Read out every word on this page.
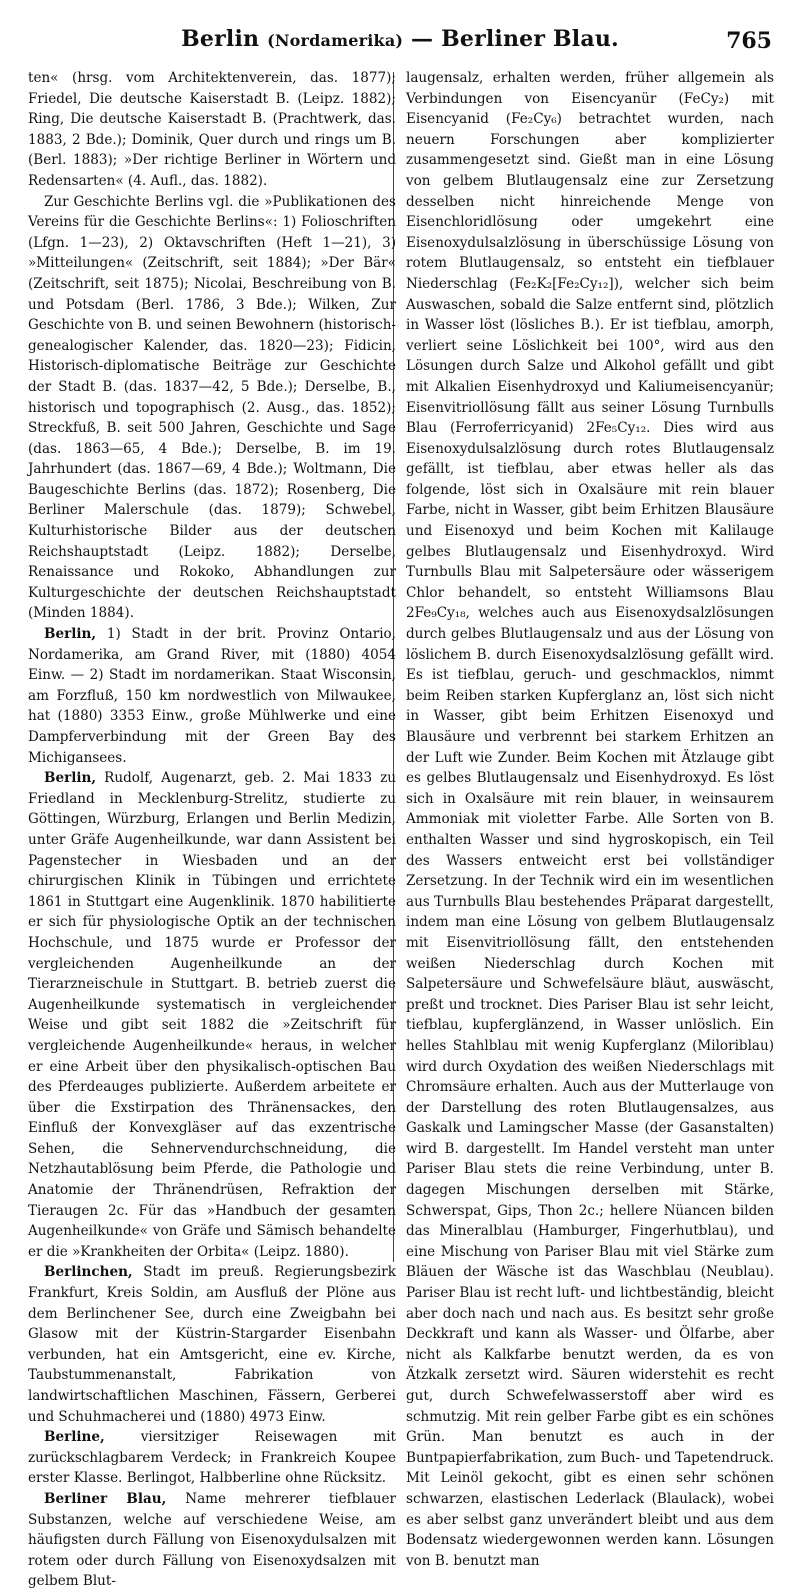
Berlin (Nordamerika) — Berliner Blau.	765

ten« (hrsg. vom Architektenverein, das. 1877); Friedel, Die deutsche Kaiserstadt B. (Leipz. 1882); Ring, Die deutsche Kaiserstadt B. (Prachtwerk, das. 1883, 2 Bde.); Dominik, Quer durch und rings um B. (Berl. 1883); »Der richtige Berliner in Wörtern und Redensarten« (4. Aufl., das. 1882).

Zur Geschichte Berlins vgl. die »Publikationen des Vereins für die Geschichte Berlins«: 1) Folioschriften (Lfgn. 1—23), 2) Oktavschriften (Heft 1—21), 3) »Mitteilungen« (Zeitschrift, seit 1884); »Der Bär« (Zeitschrift, seit 1875); Nicolai, Beschreibung von B. und Potsdam (Berl. 1786, 3 Bde.); Wilken, Zur Geschichte von B. und seinen Bewohnern (historisch-genealogischer Kalender, das. 1820—23); Fidicin, Historisch-diplomatische Beiträge zur Geschichte der Stadt B. (das. 1837—42, 5 Bde.); Derselbe, B., historisch und topographisch (2. Ausg., das. 1852); Streckfuß, B. seit 500 Jahren, Geschichte und Sage (das. 1863—65, 4 Bde.); Derselbe, B. im 19. Jahrhundert (das. 1867—69, 4 Bde.); Woltmann, Die Baugeschichte Berlins (das. 1872); Rosenberg, Die Berliner Malerschule (das. 1879); Schwebel, Kulturhistorische Bilder aus der deutschen Reichshauptstadt (Leipz. 1882); Derselbe, Renaissance und Rokoko, Abhandlungen zur Kulturgeschichte der deutschen Reichshauptstadt (Minden 1884).

Berlin, 1) Stadt in der brit. Provinz Ontario, Nordamerika, am Grand River, mit (1880) 4054 Einw. — 2) Stadt im nordamerikan. Staat Wisconsin, am Forzfluß, 150 km nordwestlich von Milwaukee, hat (1880) 3353 Einw., große Mühlwerke und eine Dampferverbindung mit der Green Bay des Michigansees.

Berlin, Rudolf, Augenarzt, geb. 2. Mai 1833 zu Friedland in Mecklenburg-Strelitz, studierte zu Göttingen, Würzburg, Erlangen und Berlin Medizin, unter Gräfe Augenheilkunde, war dann Assistent bei Pagenstecher in Wiesbaden und an der chirurgischen Klinik in Tübingen und errichtete 1861 in Stuttgart eine Augenklinik. 1870 habilitierte er sich für physiologische Optik an der technischen Hochschule, und 1875 wurde er Professor der vergleichenden Augenheilkunde an der Tierarzneischule in Stuttgart. B. betrieb zuerst die Augenheilkunde systematisch in vergleichender Weise und gibt seit 1882 die »Zeitschrift für vergleichende Augenheilkunde« heraus, in welcher er eine Arbeit über den physikalisch-optischen Bau des Pferdeauges publizierte. Außerdem arbeitete er über die Exstirpation des Thränensackes, den Einfluß der Konvexgläser auf das exzentrische Sehen, die Sehnervendurchschneidung, die Netzhautablösung beim Pferde, die Pathologie und Anatomie der Thränendrüsen, Refraktion der Tieraugen 2c. Für das »Handbuch der gesamten Augenheilkunde« von Gräfe und Sämisch behandelte er die »Krankheiten der Orbita« (Leipz. 1880).

Berlinchen, Stadt im preuß. Regierungsbezirk Frankfurt, Kreis Soldin, am Ausfluß der Plöne aus dem Berlinchener See, durch eine Zweigbahn bei Glasow mit der Küstrin-Stargarder Eisenbahn verbunden, hat ein Amtsgericht, eine ev. Kirche, Taubstummenanstalt, Fabrikation von landwirtschaftlichen Maschinen, Fässern, Gerberei und Schuhmacherei und (1880) 4973 Einw.

Berline, viersitziger Reisewagen mit zurückschlagbarem Verdeck; in Frankreich Koupee erster Klasse. Berlingot, Halbberline ohne Rücksitz.

Berliner Blau, Name mehrerer tiefblauer Substanzen, welche auf verschiedene Weise, am häufigsten durch Fällung von Eisenoxydulsalzen mit rotem oder durch Fällung von Eisenoxydsalzen mit gelbem Blut-

laugensalz, erhalten werden, früher allgemein als Verbindungen von Eisencyanür (FeCy₂) mit Eisencyanid (Fe₂Cy₆) betrachtet wurden, nach neuern Forschungen aber komplizierter zusammengesetzt sind. Gießt man in eine Lösung von gelbem Blutlaugensalz eine zur Zersetzung desselben nicht hinreichende Menge von Eisenchloridlösung oder umgekehrt eine Eisenoxydulsalzlösung in überschüssige Lösung von rotem Blutlaugensalz, so entsteht ein tiefblauer Niederschlag (Fe₂K₂[Fe₂Cy₁₂]), welcher sich beim Auswaschen, sobald die Salze entfernt sind, plötzlich in Wasser löst (lösliches B.). Er ist tiefblau, amorph, verliert seine Löslichkeit bei 100°, wird aus den Lösungen durch Salze und Alkohol gefällt und gibt mit Alkalien Eisenhydroxyd und Kaliumeisencyanür; Eisenvitriollösung fällt aus seiner Lösung Turnbulls Blau (Ferroferricyanid) 2Fe₅Cy₁₂. Dies wird aus Eisenoxydulsalzlösung durch rotes Blutlaugensalz gefällt, ist tiefblau, aber etwas heller als das folgende, löst sich in Oxalsäure mit rein blauer Farbe, nicht in Wasser, gibt beim Erhitzen Blausäure und Eisenoxyd und beim Kochen mit Kalilauge gelbes Blutlaugensalz und Eisenhydroxyd. Wird Turnbulls Blau mit Salpetersäure oder wässerigem Chlor behandelt, so entsteht Williamsons Blau 2Fe₉Cy₁₈, welches auch aus Eisenoxydsalzlösungen durch gelbes Blutlaugensalz und aus der Lösung von löslichem B. durch Eisenoxydsalzlösung gefällt wird. Es ist tiefblau, geruch- und geschmacklos, nimmt beim Reiben starken Kupferglanz an, löst sich nicht in Wasser, gibt beim Erhitzen Eisenoxyd und Blausäure und verbrennt bei starkem Erhitzen an der Luft wie Zunder. Beim Kochen mit Ätzlauge gibt es gelbes Blutlaugensalz und Eisenhydroxyd. Es löst sich in Oxalsäure mit rein blauer, in weinsaurem Ammoniak mit violetter Farbe. Alle Sorten von B. enthalten Wasser und sind hygroskopisch, ein Teil des Wassers entweicht erst bei vollständiger Zersetzung. In der Technik wird ein im wesentlichen aus Turnbulls Blau bestehendes Präparat dargestellt, indem man eine Lösung von gelbem Blutlaugensalz mit Eisenvitriollösung fällt, den entstehenden weißen Niederschlag durch Kochen mit Salpetersäure und Schwefelsäure bläut, auswäscht, preßt und trocknet. Dies Pariser Blau ist sehr leicht, tiefblau, kupferglänzend, in Wasser unlöslich. Ein helles Stahlblau mit wenig Kupferglanz (Miloriblau) wird durch Oxydation des weißen Niederschlags mit Chromsäure erhalten. Auch aus der Mutterlauge von der Darstellung des roten Blutlaugensalzes, aus Gaskalk und Lamingscher Masse (der Gasanstalten) wird B. dargestellt. Im Handel versteht man unter Pariser Blau stets die reine Verbindung, unter B. dagegen Mischungen derselben mit Stärke, Schwerspat, Gips, Thon 2c.; hellere Nüancen bilden das Mineralblau (Hamburger, Fingerhutblau), und eine Mischung von Pariser Blau mit viel Stärke zum Bläuen der Wäsche ist das Waschblau (Neublau). Pariser Blau ist recht luft- und lichtbeständig, bleicht aber doch nach und nach aus. Es besitzt sehr große Deckkraft und kann als Wasser- und Ölfarbe, aber nicht als Kalkfarbe benutzt werden, da es von Ätzkalk zersetzt wird. Säuren widerstehit es recht gut, durch Schwefelwasserstoff aber wird es schmutzig. Mit rein gelber Farbe gibt es ein schönes Grün. Man benutzt es auch in der Buntpapierfabrikation, zum Buch- und Tapetendruck. Mit Leinöl gekocht, gibt es einen sehr schönen schwarzen, elastischen Lederlack (Blaulack), wobei es aber selbst ganz unverändert bleibt und aus dem Bodensatz wiedergewonnen werden kann. Lösungen von B. benutzt man
